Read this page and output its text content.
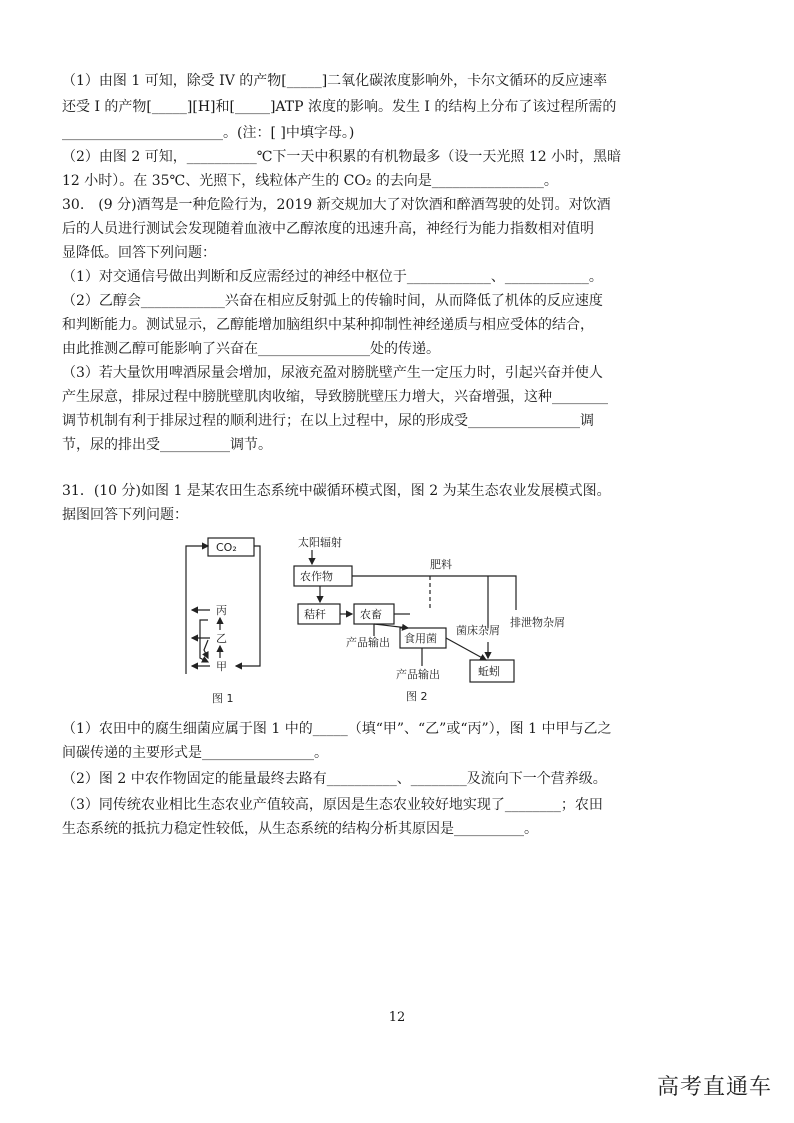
（1）由图 1 可知，除受 IV 的产物[_____]二氧化碳浓度影响外，卡尔文循环的反应速率
还受 I 的产物[_____][H]和[_____]ATP 浓度的影响。发生 I 的结构上分布了该过程所需的
_______________________。(注：[ ]中填字母。)
（2）由图 2 可知，__________℃下一天中积累的有机物最多（设一天光照 12 小时，黑暗
12 小时）。在 35℃、光照下，线粒体产生的 CO₂ 的去向是________________。
30.　(9 分)酒驾是一种危险行为，2019 新交规加大了对饮酒和醉酒驾驶的处罚。对饮酒
后的人员进行测试会发现随着血液中乙醇浓度的迅速升高，神经行为能力指数相对值明
显降低。回答下列问题：
（1）对交通信号做出判断和反应需经过的神经中枢位于____________、____________。
（2）乙醇会____________兴奋在相应反射弧上的传输时间，从而降低了机体的反应速度
和判断能力。测试显示，乙醇能增加脑组织中某种抑制性神经递质与相应受体的结合，
由此推测乙醇可能影响了兴奋在________________处的传递。
（3）若大量饮用啤酒尿量会增加，尿液充盈对膀胱壁产生一定压力时，引起兴奋并使人
产生尿意，排尿过程中膀胱壁肌肉收缩，导致膀胱壁压力增大，兴奋增强，这种________
调节机制有利于排尿过程的顺利进行；在以上过程中，尿的形成受________________调
节，尿的排出受__________调节。
31．(10 分)如图 1 是某农田生态系统中碳循环模式图，图 2 为某生态农业发展模式图。
据图回答下列问题：
（1）农田中的腐生细菌应属于图 1 中的_____（填“甲”、“乙”或“丙”），图 1 中甲与乙之
间碳传递的主要形式是________________。
（2）图 2 中农作物固定的能量最终去路有__________、________及流向下一个营养级。
（3）同传统农业相比生态农业产值较高，原因是生态农业较好地实现了________；农田
生态系统的抵抗力稳定性较低，从生态系统的结构分析其原因是__________。
CO₂
丙
乙
甲
图 1
太阳辐射
农作物
肥料
秸秆	农畜
食用菌
菌床杂屑
排泄物杂屑
产品输出
产品输出	蚯蚓
图 2
12
高考直通车
